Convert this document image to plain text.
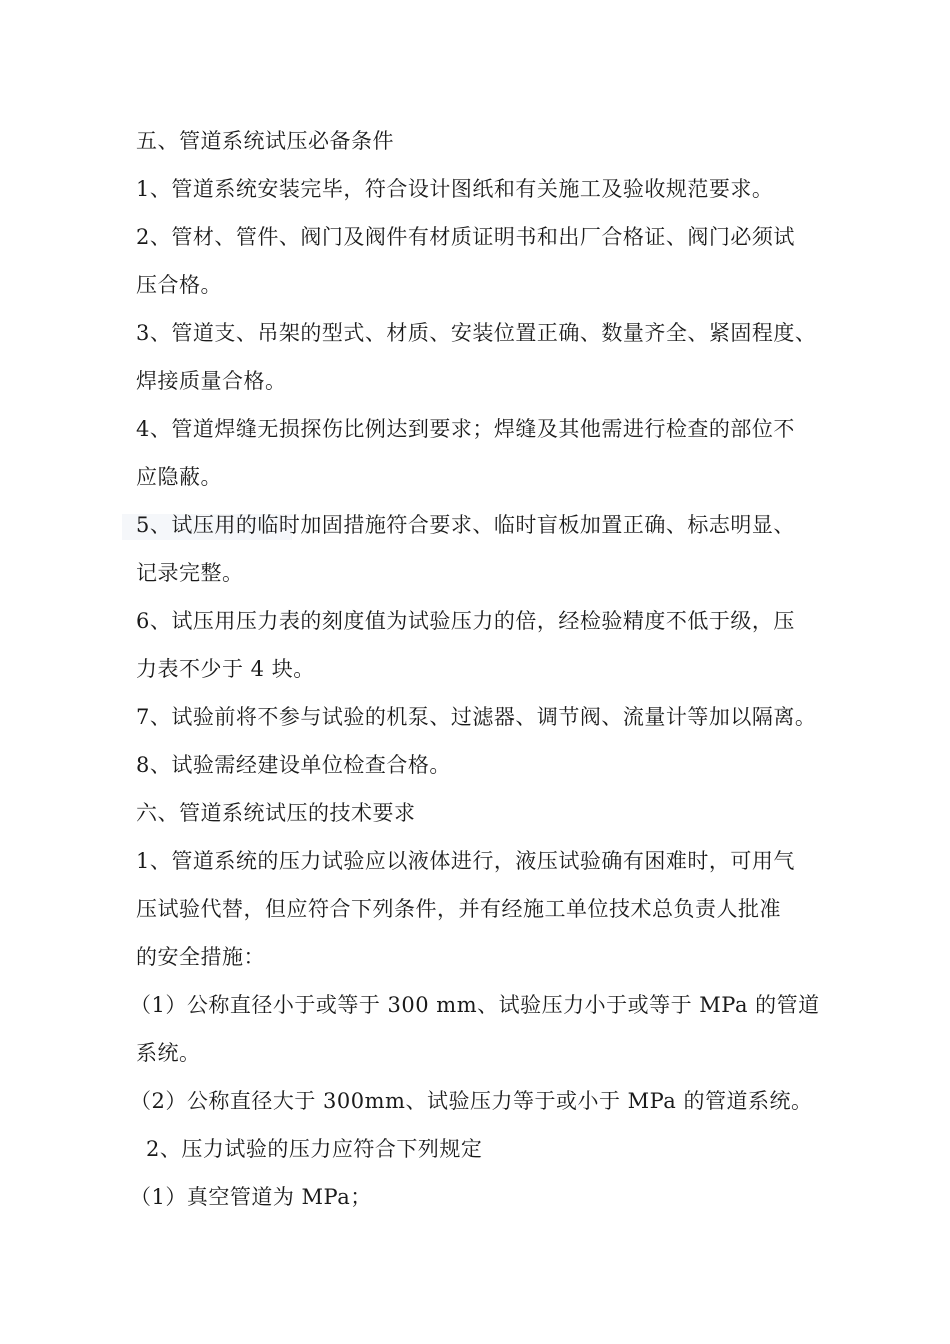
五、管道系统试压必备条件

1、管道系统安装完毕，符合设计图纸和有关施工及验收规范要求。

2、管材、管件、阀门及阀件有材质证明书和出厂合格证、阀门必须试

压合格。

3、管道支、吊架的型式、材质、安装位置正确、数量齐全、紧固程度、

焊接质量合格。

4、管道焊缝无损探伤比例达到要求；焊缝及其他需进行检查的部位不

应隐蔽。

5、试压用的临时加固措施符合要求、临时盲板加置正确、标志明显、

记录完整。

6、试压用压力表的刻度值为试验压力的倍，经检验精度不低于级，压

力表不少于 4 块。

7、试验前将不参与试验的机泵、过滤器、调节阀、流量计等加以隔离。

8、试验需经建设单位检查合格。

六、管道系统试压的技术要求

1、管道系统的压力试验应以液体进行，液压试验确有困难时，可用气

压试验代替，但应符合下列条件，并有经施工单位技术总负责人批准

的安全措施：

（1）公称直径小于或等于 300 mm、试验压力小于或等于 MPa 的管道

系统。

（2）公称直径大于 300mm、试验压力等于或小于 MPa 的管道系统。

2、压力试验的压力应符合下列规定

（1）真空管道为 MPa；
